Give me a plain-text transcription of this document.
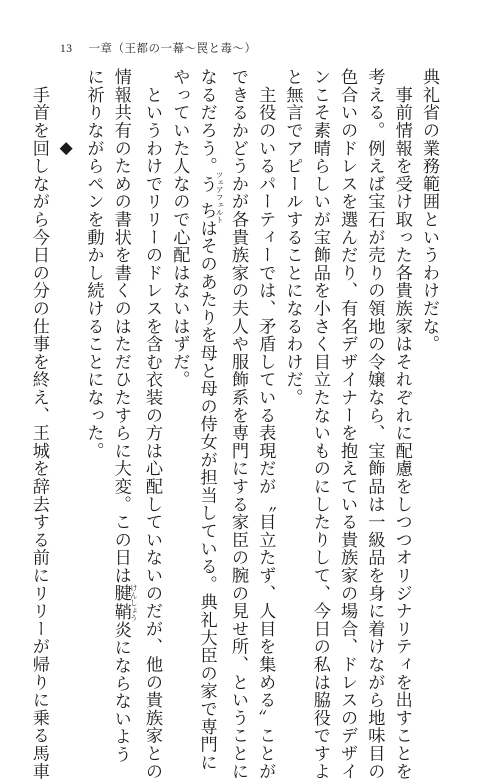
13 一章（王都の一幕〜罠と毒〜）
典礼省の業務範囲というわけだな。
　事前情報を受け取った各貴族家はそれぞれに配慮をしつつオリジナリティを出すことを
考える。例えば宝石が売りの領地の令嬢なら、宝飾品は一級品を身に着けながら地味目の
色合いのドレスを選んだり、有名デザイナーを抱えている貴族家の場合、ドレスのデザイ
ンこそ素晴らしいが宝飾品を小さく目立たないものにしたりして、今日の私は脇役ですよ
と無言でアピールすることになるわけだ。
　主役のいるパーティーでは、矛盾している表現だが〝目立たず、人目を集める〟ことが
できるかどうかが各貴族家の夫人や服飾系を専門にする家臣の腕の見せ所、ということに
なるだろう。うちツェアフェルトはそのあたりを母と母の侍女が担当している。典礼大臣の家で専門に
やっていた人なので心配はないはずだ。
　というわけでリリーのドレスを含む衣装の方は心配していないのだが、他の貴族家との
情報共有のための書状を書くのはただひたすらに大変。この日は腱鞘けんしょう炎にならないよう
に祈りながらペンを動かし続けることになった。
◆
　手首を回しながら今日の分の仕事を終え、王城を辞去する前にリリーが帰りに乗る馬車
